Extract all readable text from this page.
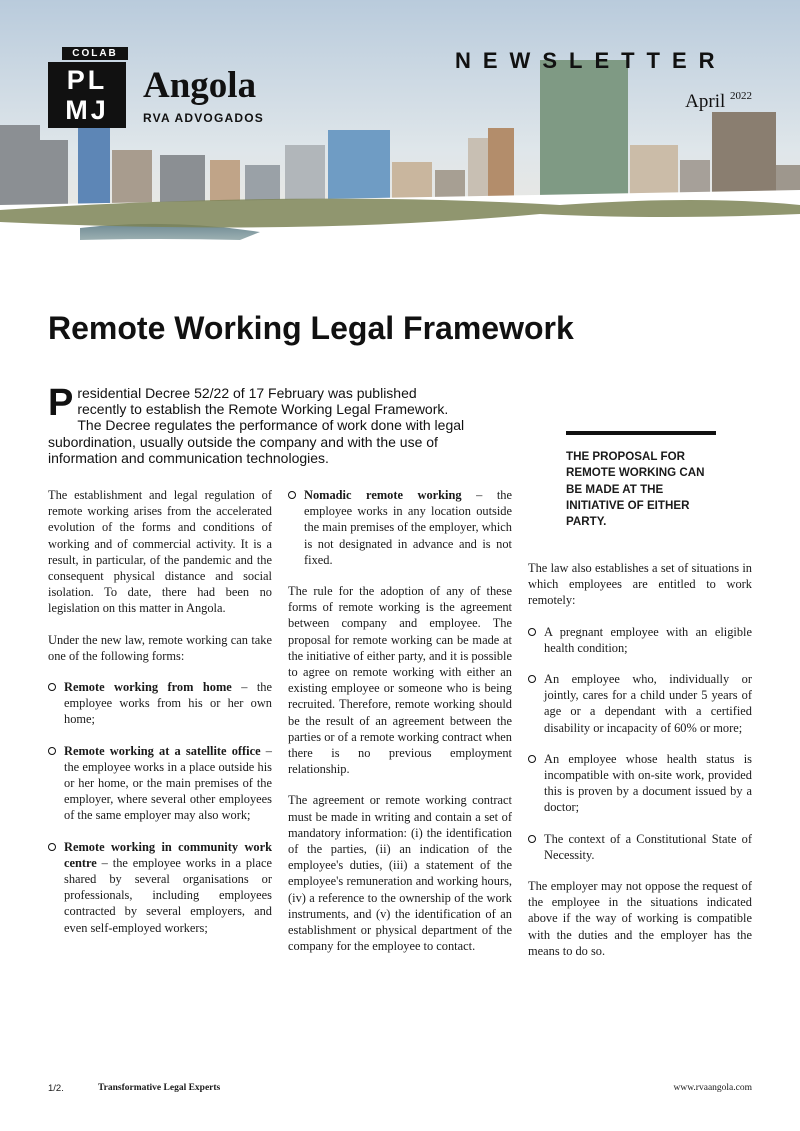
COLAB
PL
MJ
Angola
RVA ADVOGADOS
NEWSLETTER
April $^{2022}$
Remote Working Legal Framework

Presidential Decree 52/22 of 17 February was published recently to establish the Remote Working Legal Framework. The Decree regulates the performance of work done with legal subordination, usually outside the company and with the use of information and communication technologies.	THE PROPOSAL FOR REMOTE WORKING CAN BE MADE AT THE INITIATIVE OF EITHER PARTY.

The establishment and legal regulation of remote working arises from the accelerated evolution of the forms and conditions of working and of commercial activity. It is a result, in particular, of the pandemic and the consequent physical distance and social isolation. To date, there had been no legislation on this matter in Angola.

Under the new law, remote working can take one of the following forms:

Remote working from home – the employee works from his or her own home;
Remote working at a satellite office – the employee works in a place outside his or her home, or the main premises of the employer, where several other employees of the same employer may also work;
Remote working in community work centre – the employee works in a place shared by several organisations or professionals, including employees contracted by several employers, and even self-employed workers;
Nomadic remote working – the employee works in any location outside the main premises of the employer, which is not designated in advance and is not fixed.

The rule for the adoption of any of these forms of remote working is the agreement between company and employee. The proposal for remote working can be made at the initiative of either party, and it is possible to agree on remote working with either an existing employee or someone who is being recruited. Therefore, remote working should be the result of an agreement between the parties or of a remote working contract when there is no previous employment relationship.

The agreement or remote working contract must be made in writing and contain a set of mandatory information: (i) the identification of the parties, (ii) an indication of the employee's duties, (iii) a statement of the employee's remuneration and working hours, (iv) a reference to the ownership of the work instruments, and (v) the identification of an establishment or physical department of the company for the employee to contact.

The law also establishes a set of situations in which employees are entitled to work remotely:

A pregnant employee with an eligible health condition;
An employee who, individually or jointly, cares for a child under 5 years of age or a dependant with a certified disability or incapacity of 60% or more;
An employee whose health status is incompatible with on-site work, provided this is proven by a document issued by a doctor;
The context of a Constitutional State of Necessity.

The employer may not oppose the request of the employee in the situations indicated above if the way of working is compatible with the duties and the employer has the means to do so.

1/2.	Transformative Legal Experts	www.rvaangola.com
